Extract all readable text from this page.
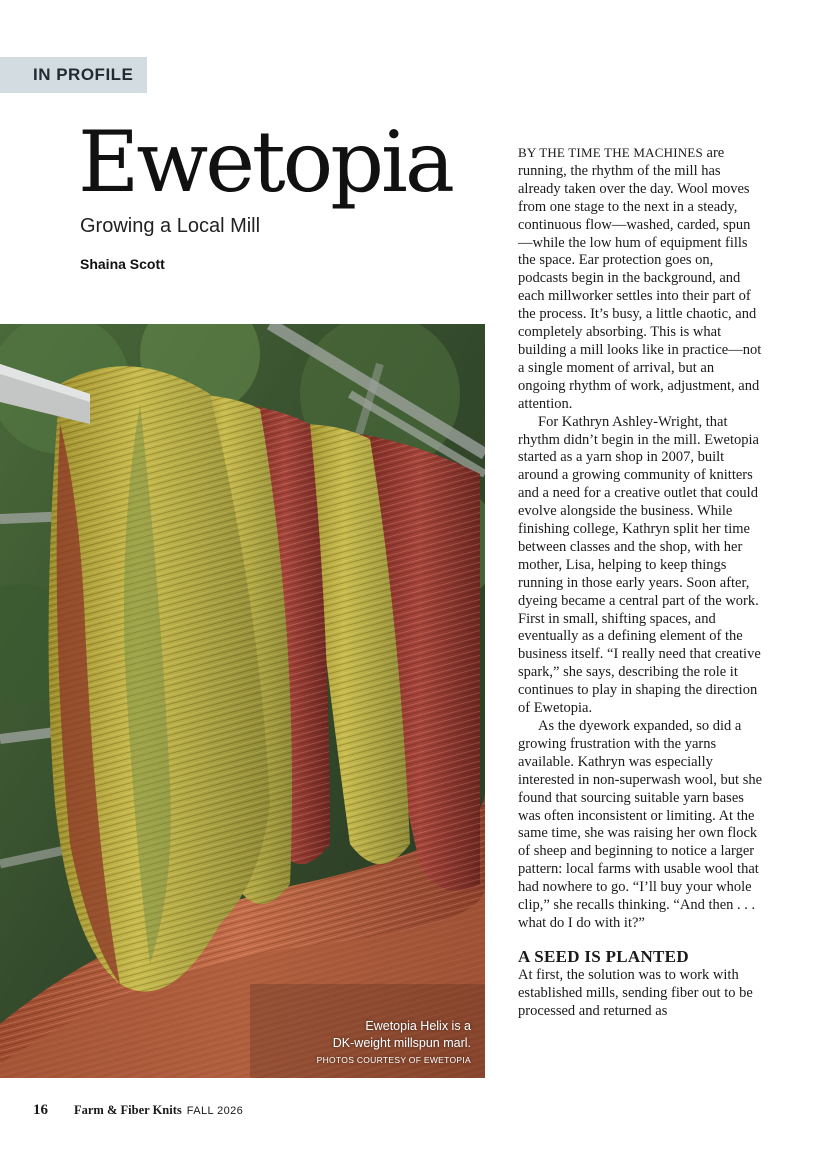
IN PROFILE
Ewetopia
Growing a Local Mill
Shaina Scott
Ewetopia Helix is a
DK-weight millspun marl.
PHOTOS COURTESY OF EWETOPIA

BY THE TIME THE MACHINES are running, the rhythm of the mill has already taken over the day. Wool moves from one stage to the next in a steady, continuous flow—washed, carded, spun—while the low hum of equipment fills the space. Ear protection goes on, podcasts begin in the background, and each millworker settles into their part of the process. It’s busy, a little chaotic, and completely absorbing. This is what building a mill looks like in practice—not a single moment of arrival, but an ongoing rhythm of work, adjustment, and attention.

For Kathryn Ashley-Wright, that rhythm didn’t begin in the mill. Ewetopia started as a yarn shop in 2007, built around a growing community of knitters and a need for a creative outlet that could evolve alongside the business. While finishing college, Kathryn split her time between classes and the shop, with her mother, Lisa, helping to keep things running in those early years. Soon after, dyeing became a central part of the work. First in small, shifting spaces, and eventually as a defining element of the business itself. “I really need that creative spark,” she says, describing the role it continues to play in shaping the direction of Ewetopia.

As the dyework expanded, so did a growing frustration with the yarns available. Kathryn was especially interested in non-superwash wool, but she found that sourcing suitable yarn bases was often inconsistent or limiting. At the same time, she was raising her own flock of sheep and beginning to notice a larger pattern: local farms with usable wool that had nowhere to go. “I’ll buy your whole clip,” she recalls thinking. “And then . . . what do I do with it?”

A SEED IS PLANTED

At first, the solution was to work with established mills, sending fiber out to be processed and returned as

16 Farm & Fiber Knits FALL 2026
